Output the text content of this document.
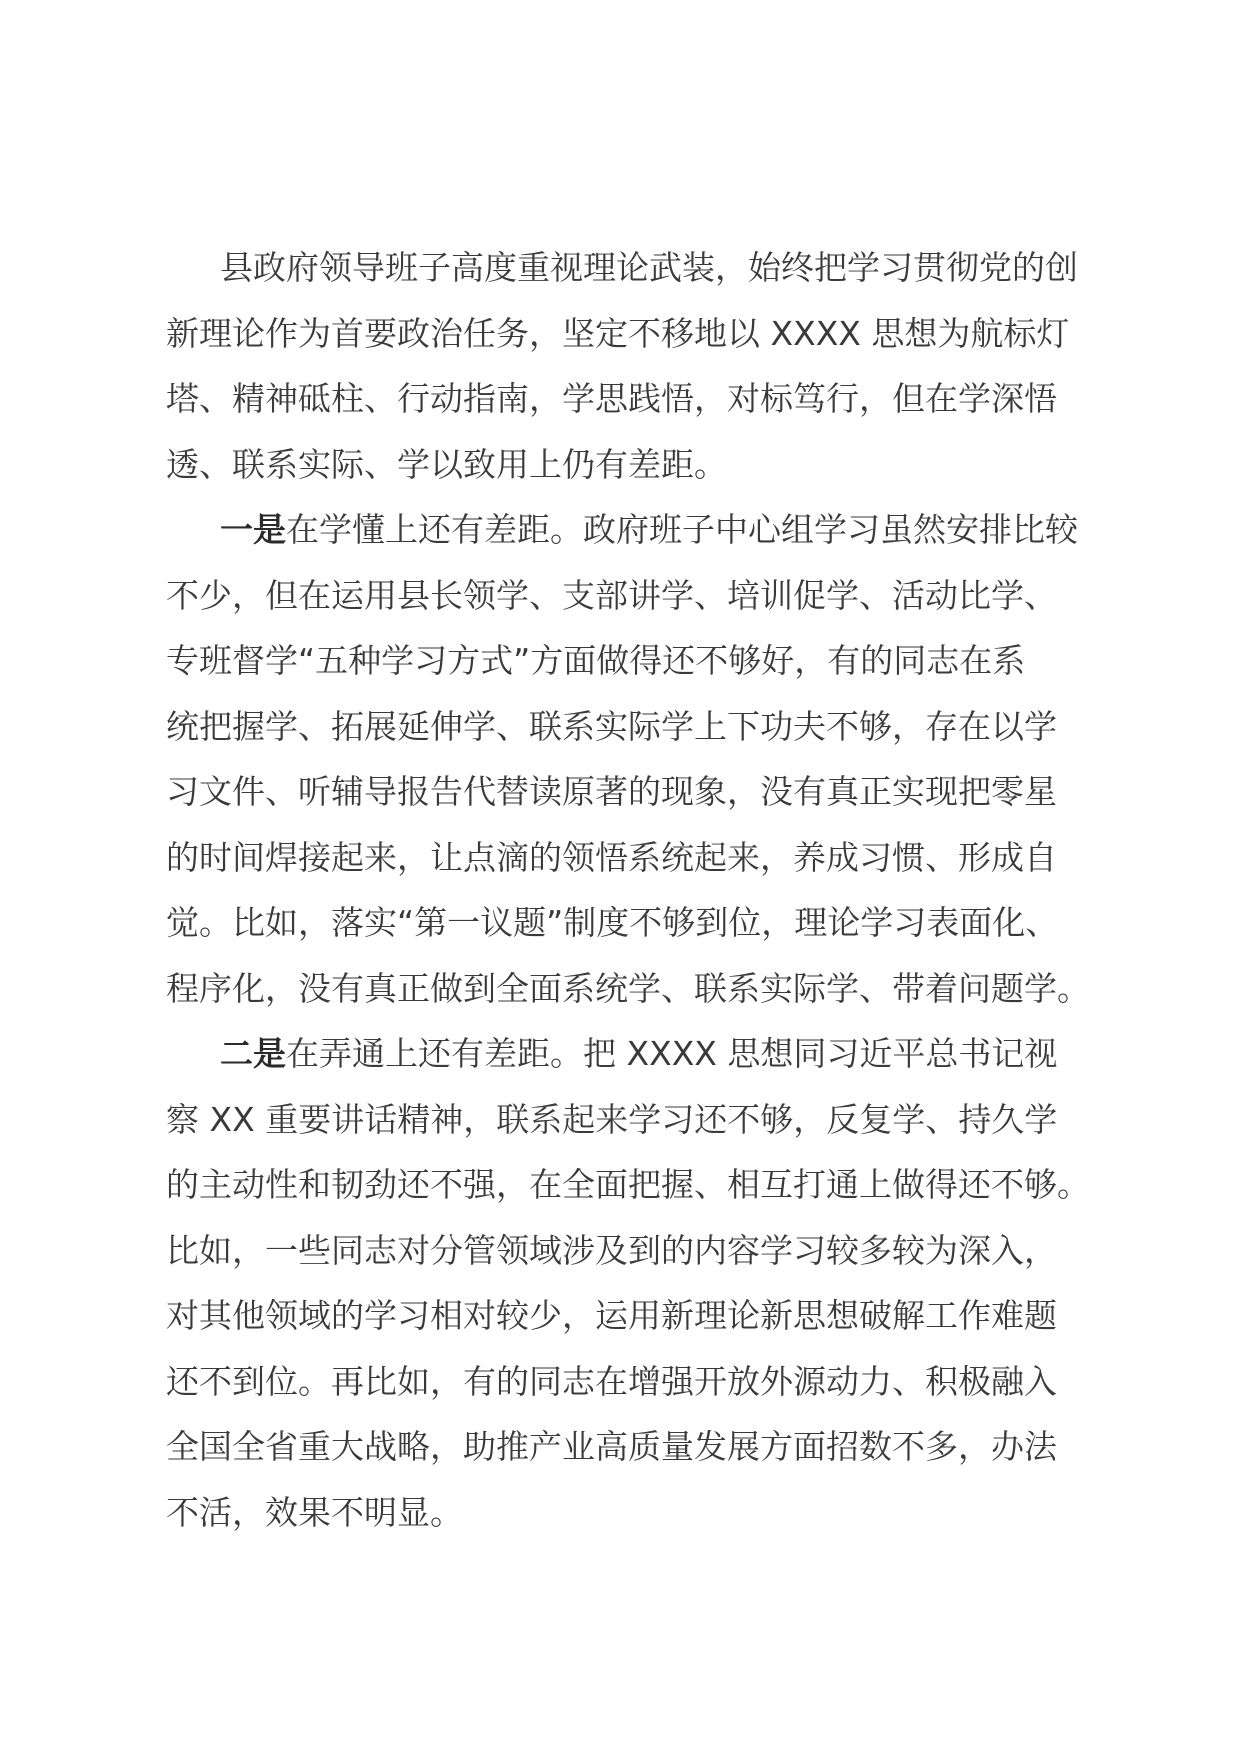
县政府领导班子高度重视理论武装，始终把学习贯彻党的创
新理论作为首要政治任务，坚定不移地以 XXXX 思想为航标灯
塔、精神砥柱、行动指南，学思践悟，对标笃行，但在学深悟
透、联系实际、学以致用上仍有差距。
一是在学懂上还有差距。政府班子中心组学习虽然安排比较
不少，但在运用县长领学、支部讲学、培训促学、活动比学、
专班督学“五种学习方式”方面做得还不够好，有的同志在系
统把握学、拓展延伸学、联系实际学上下功夫不够，存在以学
习文件、听辅导报告代替读原著的现象，没有真正实现把零星
的时间焊接起来，让点滴的领悟系统起来，养成习惯、形成自
觉。比如，落实“第一议题”制度不够到位，理论学习表面化、
程序化，没有真正做到全面系统学、联系实际学、带着问题学。
二是在弄通上还有差距。把 XXXX 思想同习近平总书记视
察 XX 重要讲话精神，联系起来学习还不够，反复学、持久学
的主动性和韧劲还不强，在全面把握、相互打通上做得还不够。
比如，一些同志对分管领域涉及到的内容学习较多较为深入，
对其他领域的学习相对较少，运用新理论新思想破解工作难题
还不到位。再比如，有的同志在增强开放外源动力、积极融入
全国全省重大战略，助推产业高质量发展方面招数不多，办法
不活，效果不明显。
